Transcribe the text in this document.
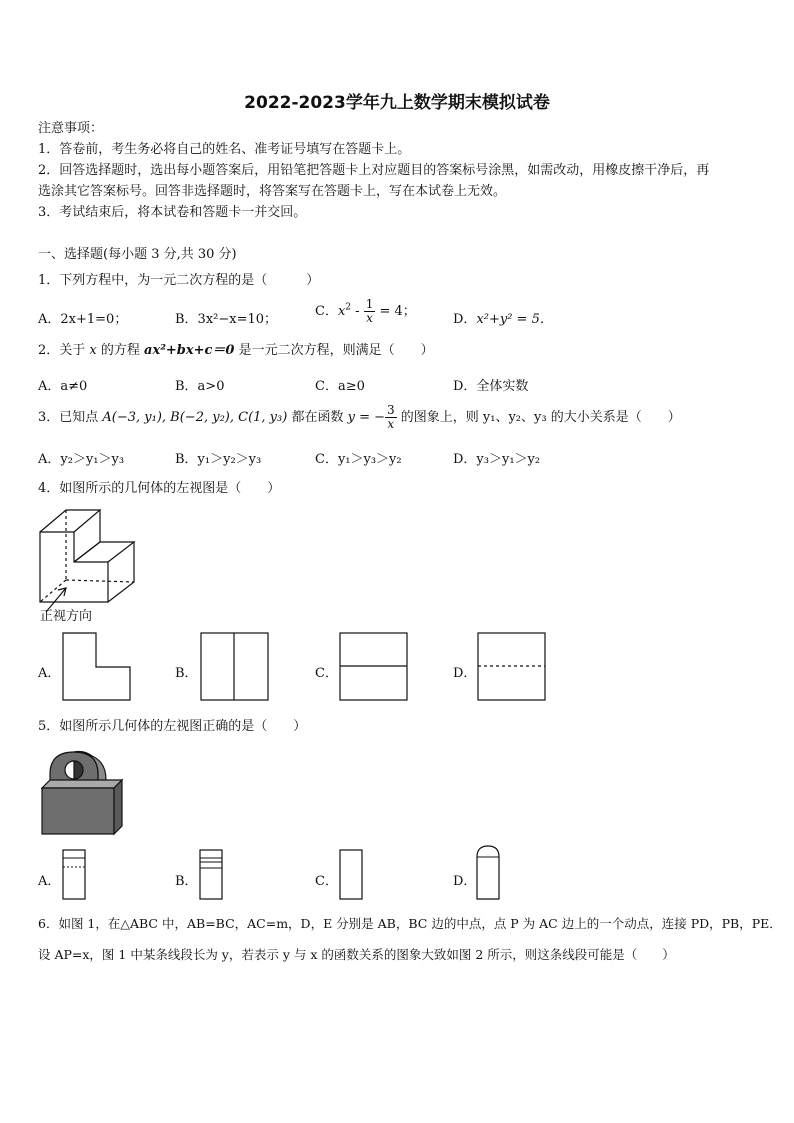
2022-2023学年九上数学期末模拟试卷
注意事项：
1．答卷前，考生务必将自己的姓名、准考证号填写在答题卡上。
2．回答选择题时，选出每小题答案后，用铅笔把答题卡上对应题目的答案标号涂黑，如需改动，用橡皮擦干净后，再
选涂其它答案标号。回答非选择题时，将答案写在答题卡上，写在本试卷上无效。
3．考试结束后，将本试卷和答题卡一并交回。
一、选择题(每小题 3 分,共 30 分)
1．下列方程中，为一元二次方程的是（　　　）
A．2x+1=0；	B．3x²−x=10；
C．$x^2 - \frac{1}{x} = 4$；
D．x²+y² = 5．
2．关于 x 的方程 ax²+bx+c＝0 是一元二次方程，则满足（　　）
A．a≠0	B．a>0	C．a≥0	D．全体实数
3．已知点 A(−3, y₁), B(−2, y₂), C(1, y₃) 都在函数 y = − $\frac{3}{x}$ 的图象上，则 y₁、y₂、y₃ 的大小关系是（　　）
A．y₂＞y₁＞y₃	B．y₁＞y₂＞y₃	C．y₁＞y₃＞y₂	D．y₃＞y₁＞y₂
4．如图所示的几何体的左视图是（　　）
正视方向
A．	B．	C．	D．
5．如图所示几何体的左视图正确的是（　　）
A．	B．	C．	D．
6．如图 1，在△ABC 中，AB=BC，AC=m，D，E 分别是 AB，BC 边的中点，点 P 为 AC 边上的一个动点，连接 PD，PB，PE．
设 AP=x，图 1 中某条线段长为 y，若表示 y 与 x 的函数关系的图象大致如图 2 所示，则这条线段可能是（　　）
